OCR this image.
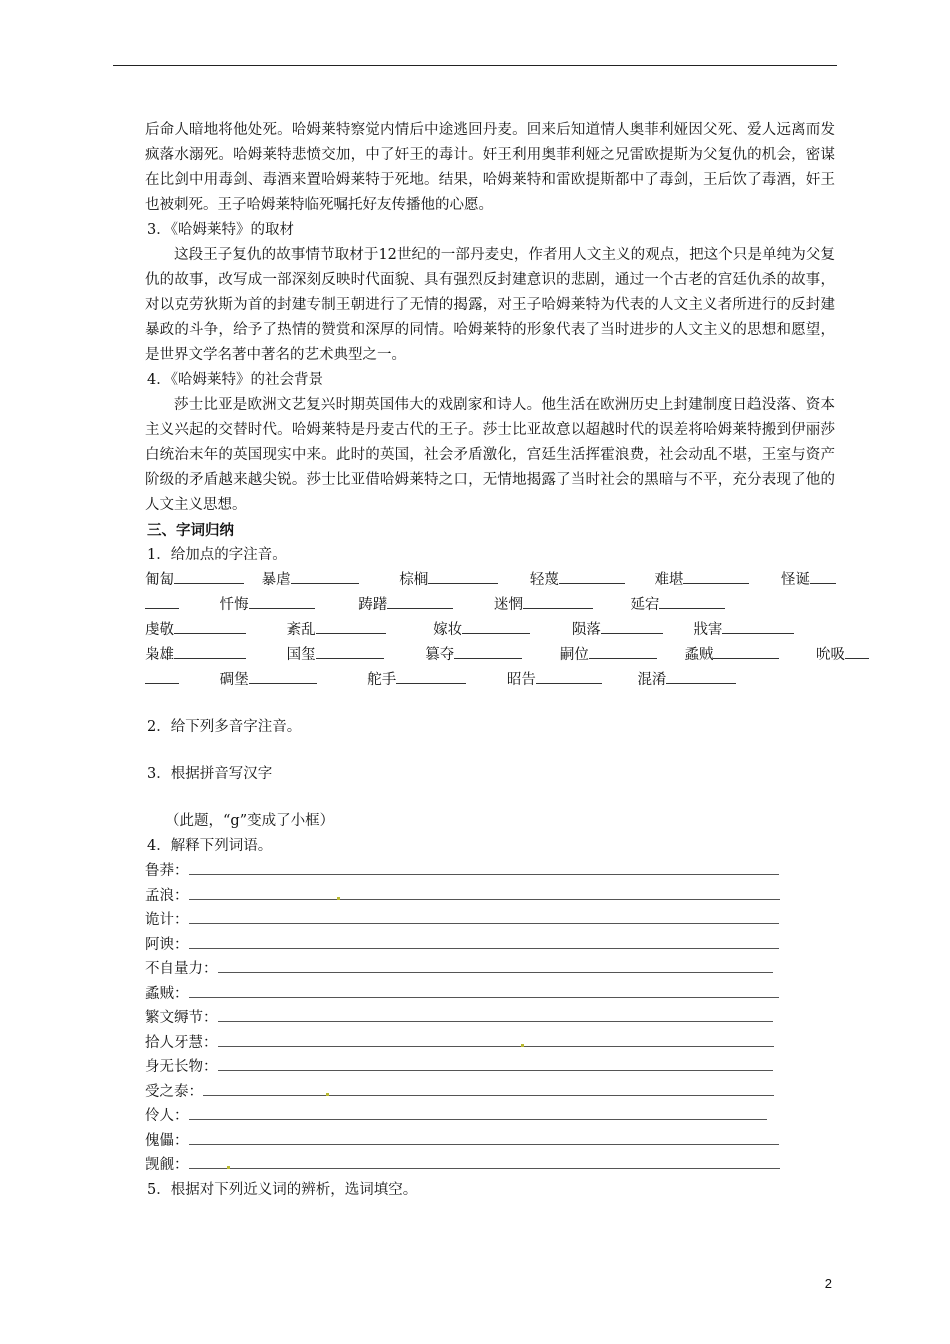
后命人暗地将他处死。哈姆莱特察觉内情后中途逃回丹麦。回来后知道情人奥菲利娅因父死、爱人远离而发疯落水溺死。哈姆莱特悲愤交加，中了奸王的毒计。奸王利用奥菲利娅之兄雷欧提斯为父复仇的机会，密谋在比剑中用毒剑、毒酒来置哈姆莱特于死地。结果，哈姆莱特和雷欧提斯都中了毒剑，王后饮了毒酒，奸王也被刺死。王子哈姆莱特临死嘱托好友传播他的心愿。

3．《哈姆莱特》的取材

这段王子复仇的故事情节取材于12世纪的一部丹麦史，作者用人文主义的观点，把这个只是单纯为父复仇的故事，改写成一部深刻反映时代面貌、具有强烈反封建意识的悲剧，通过一个古老的宫廷仇杀的故事，对以克劳狄斯为首的封建专制王朝进行了无情的揭露，对王子哈姆莱特为代表的人文主义者所进行的反封建暴政的斗争，给予了热情的赞赏和深厚的同情。哈姆莱特的形象代表了当时进步的人文主义的思想和愿望，是世界文学名著中著名的艺术典型之一。

4．《哈姆莱特》的社会背景

莎士比亚是欧洲文艺复兴时期英国伟大的戏剧家和诗人。他生活在欧洲历史上封建制度日趋没落、资本主义兴起的交替时代。哈姆莱特是丹麦古代的王子。莎士比亚故意以超越时代的误差将哈姆莱特搬到伊丽莎白统治末年的英国现实中来。此时的英国，社会矛盾激化，宫廷生活挥霍浪费，社会动乱不堪，王室与资产阶级的矛盾越来越尖锐。莎士比亚借哈姆莱特之口，无情地揭露了当时社会的黑暗与不平，充分表现了他的人文主义思想。

三、字词归纳

1．给加点的字注音。

匍匐	暴虐	棕榈	轻蔑	难堪	怪诞
忏悔	踌躇	迷惘	延宕
虔敬	紊乱	嫁妆	陨落	戕害
枭雄	国玺	篡夺	嗣位	蟊贼	吮吸
碉堡	舵手	昭告	混淆

2．给下列多音字注音。

3．根据拼音写汉字

（此题，“g”变成了小框）

4．解释下列词语。

鲁莽：
孟浪：
诡计：
阿谀：
不自量力：
蟊贼：
繁文缛节：
拾人牙慧：
身无长物：
受之泰：
伶人：
傀儡：
觊觎：

5．根据对下列近义词的辨析，选词填空。

2
